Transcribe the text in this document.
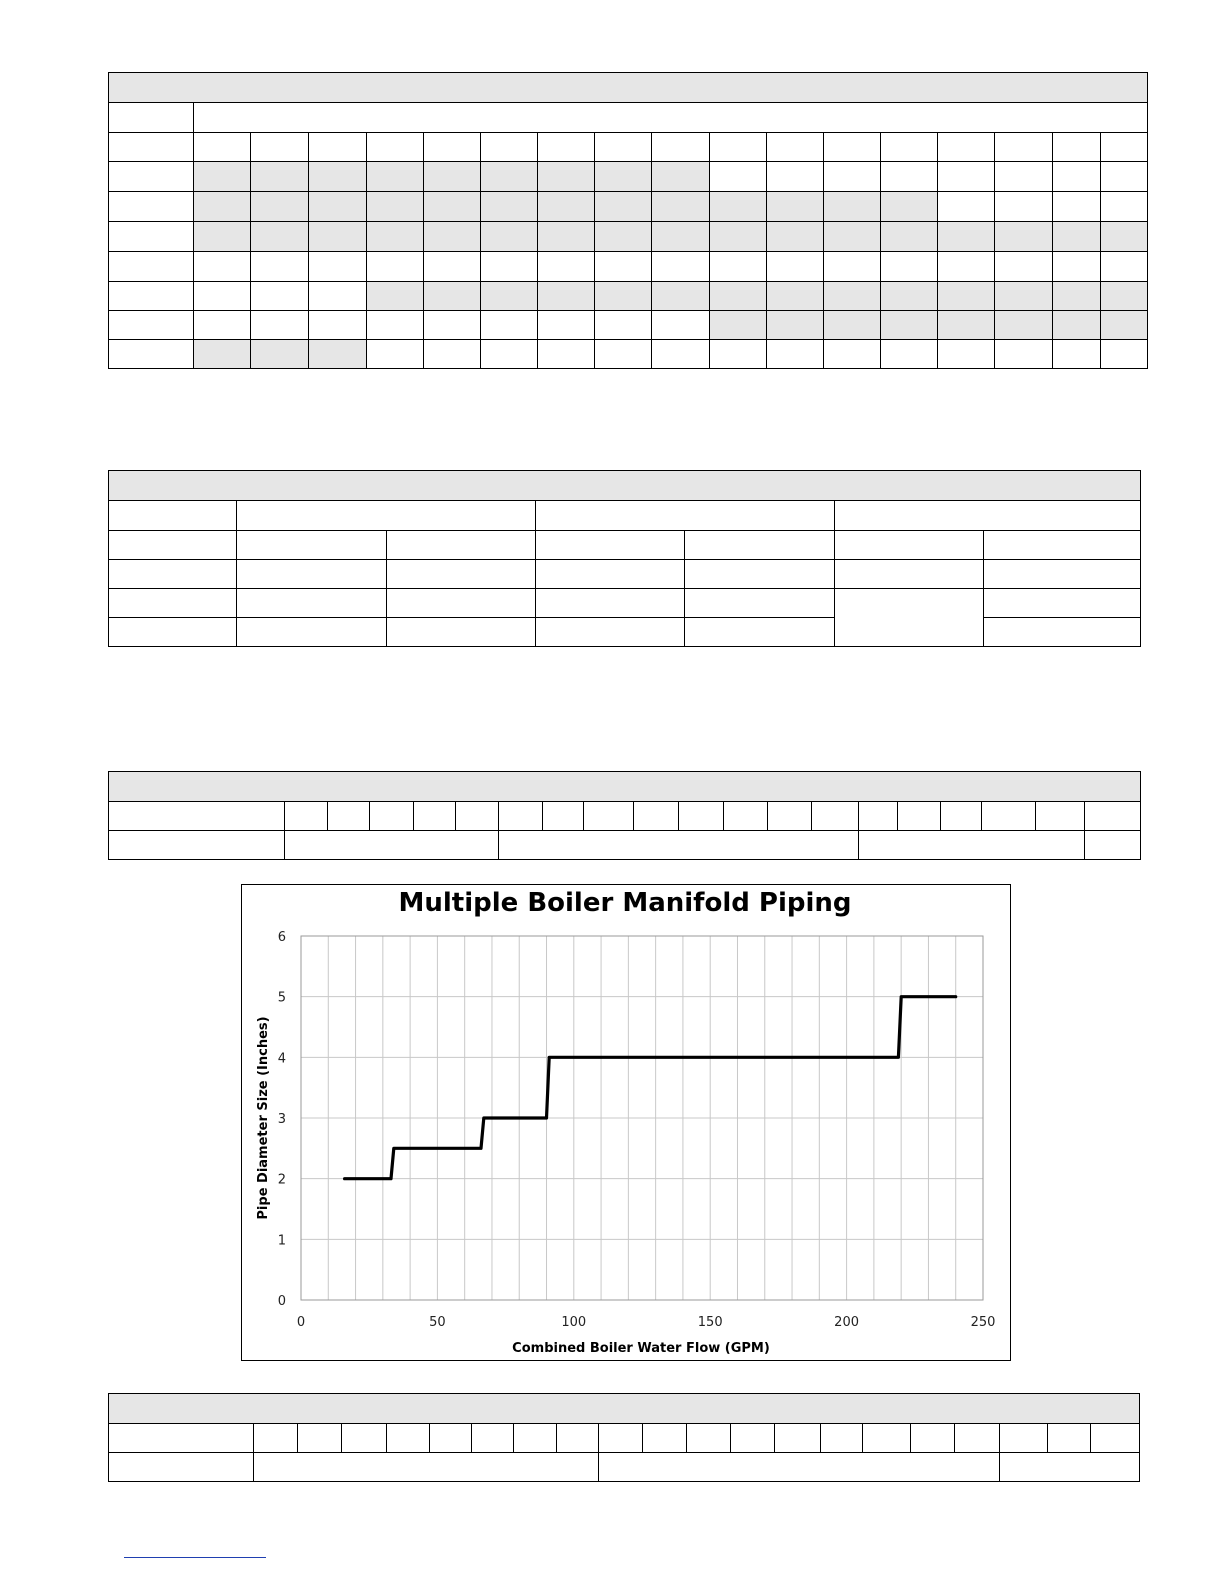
Multiple Boiler Manifold Piping
0	50	100	150	200	250
0
1
2
3
4
5
6
Combined Boiler Water Flow (GPM)
Pipe Diameter Size (Inches)
